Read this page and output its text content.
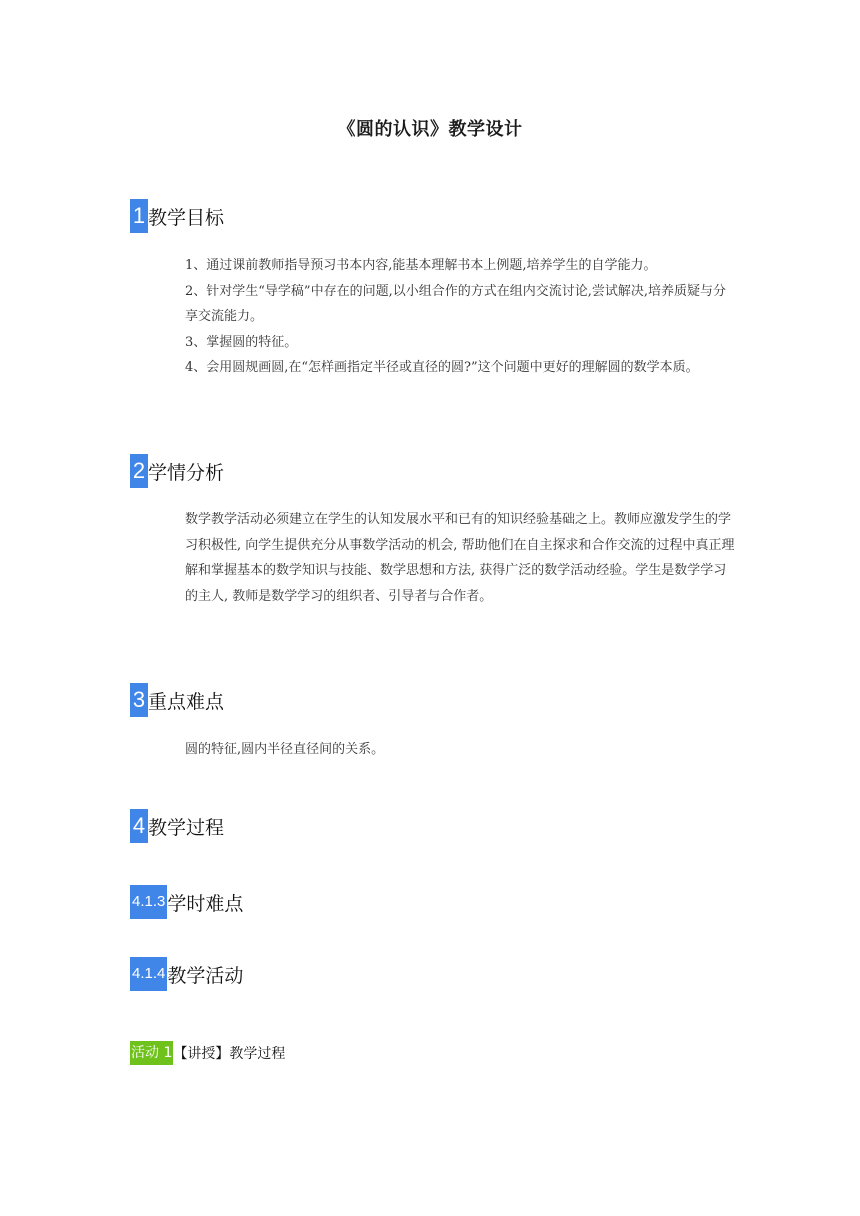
《圆的认识》教学设计
1 教学目标

1、通过课前教师指导预习书本内容,能基本理解书本上例题,培养学生的自学能力。

2、针对学生“导学稿”中存在的问题,以小组合作的方式在组内交流讨论,尝试解决,培养质疑与分享交流能力。

3、掌握圆的特征。

4、会用圆规画圆,在“怎样画指定半径或直径的圆?”这个问题中更好的理解圆的数学本质。

2 学情分析

数学教学活动必须建立在学生的认知发展水平和已有的知识经验基础之上。教师应激发学生的学习积极性, 向学生提供充分从事数学活动的机会, 帮助他们在自主探求和合作交流的过程中真正理解和掌握基本的数学知识与技能、数学思想和方法, 获得广泛的数学活动经验。学生是数学学习的主人, 教师是数学学习的组织者、引导者与合作者。

3 重点难点

圆的特征,圆内半径直径间的关系。

4 教学过程
4.1.3 学时难点
4.1.4 教学活动
活动 1 【讲授】教学过程
